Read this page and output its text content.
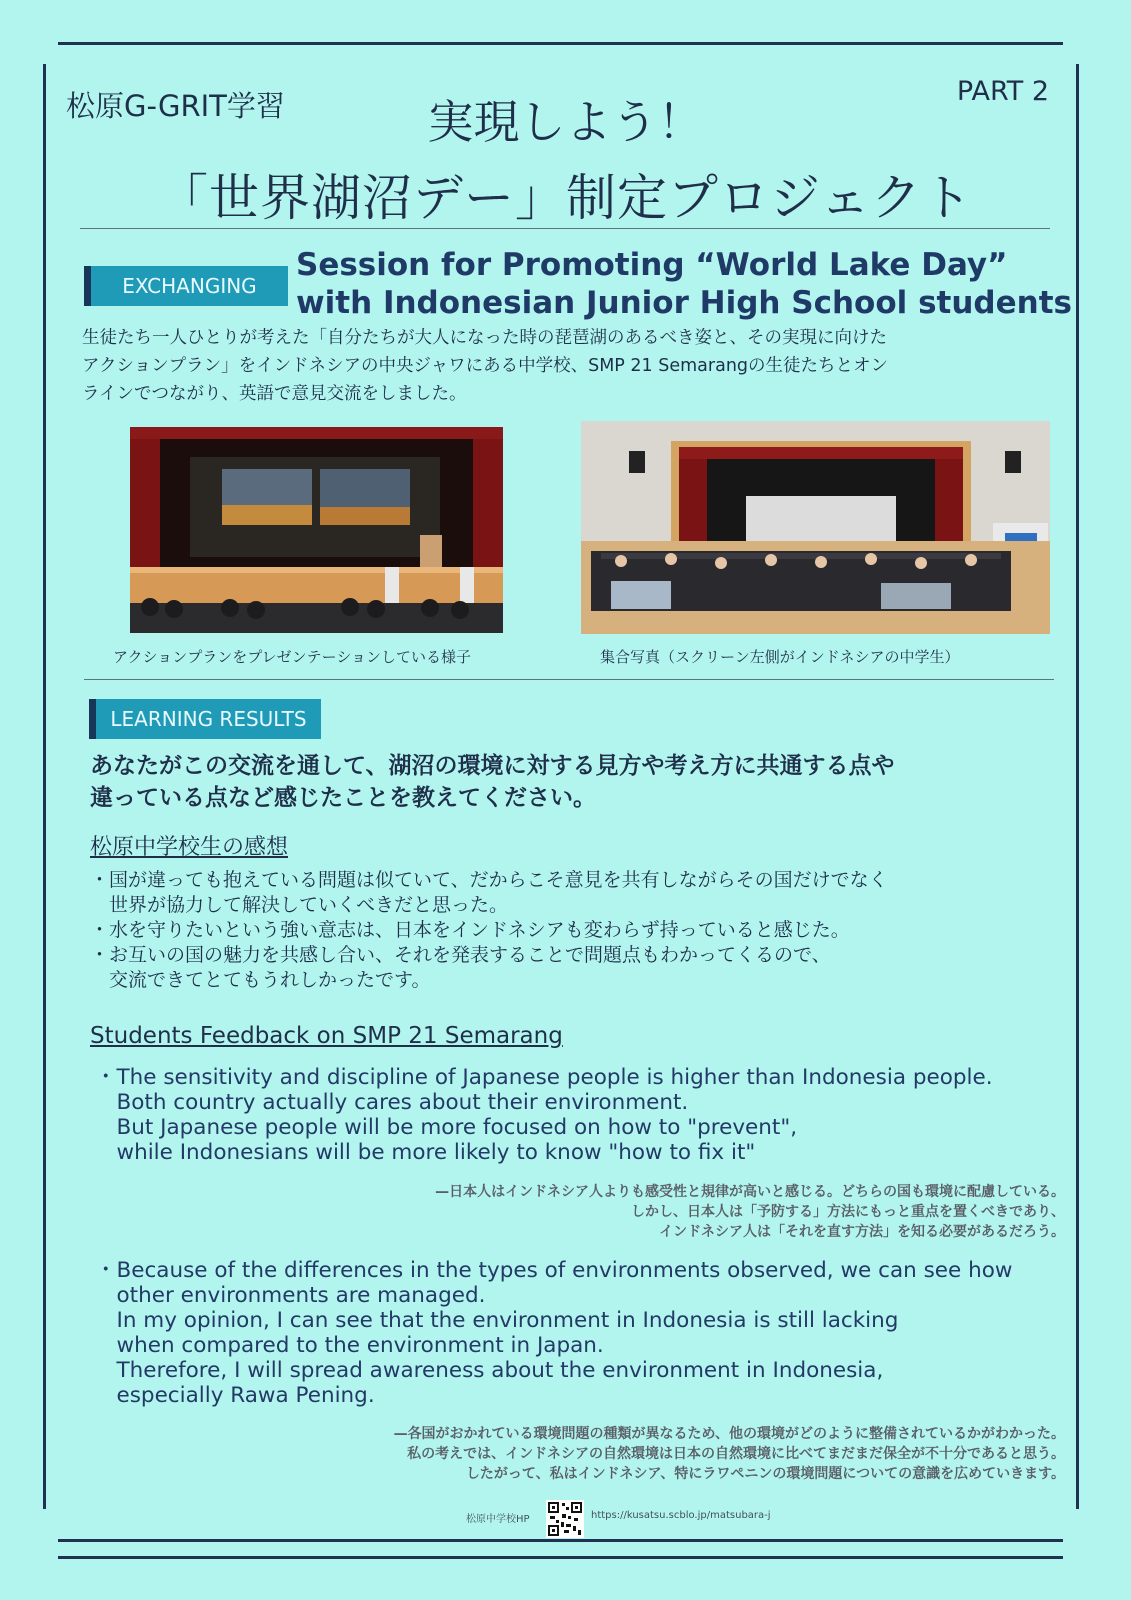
松原G-GRIT学習	PART 2
実現しよう！
「世界湖沼デー」制定プロジェクト
EXCHANGING
Session for Promoting “World Lake Day”
with Indonesian Junior High School students
生徒たち一人ひとりが考えた「自分たちが大人になった時の琵琶湖のあるべき姿と、その実現に向けた
アクションプラン」をインドネシアの中央ジャワにある中学校、SMP 21 Semarangの生徒たちとオン
ラインでつながり、英語で意見交流をしました。
アクションプランをプレゼンテーションしている様子	集合写真（スクリーン左側がインドネシアの中学生）
LEARNING RESULTS
あなたがこの交流を通して、湖沼の環境に対する見方や考え方に共通する点や
違っている点など感じたことを教えてください。
松原中学校生の感想

・国が違っても抱えている問題は似ていて、だからこそ意見を共有しながらその国だけでなく

　世界が協力して解決していくべきだと思った。

・水を守りたいという強い意志は、日本をインドネシアも変わらず持っていると感じた。

・お互いの国の魅力を共感し合い、それを発表することで問題点もわかってくるので、

　交流できてとてもうれしかったです。

Students Feedback on SMP 21 Semarang

・The sensitivity and discipline of Japanese people is higher than Indonesia people.

　Both country actually cares about their environment.

　But Japanese people will be more focused on how to "prevent",

　while Indonesians will be more likely to know "how to fix it"

—日本人はインドネシア人よりも感受性と規律が高いと感じる。どちらの国も環境に配慮している。

しかし、日本人は「予防する」方法にもっと重点を置くべきであり、

インドネシア人は「それを直す方法」を知る必要があるだろう。

・Because of the differences in the types of environments observed, we can see how

　other environments are managed.

　In my opinion, I can see that the environment in Indonesia is still lacking

　when compared to the environment in Japan.

　Therefore, I will spread awareness about the environment in Indonesia,

　especially Rawa Pening.

—各国がおかれている環境問題の種類が異なるため、他の環境がどのように整備されているかがわかった。

私の考えでは、インドネシアの自然環境は日本の自然環境に比べてまだまだ保全が不十分であると思う。

したがって、私はインドネシア、特にラワペニンの環境問題についての意識を広めていきます。

松原中学校HP	https://kusatsu.scblo.jp/matsubara-j
